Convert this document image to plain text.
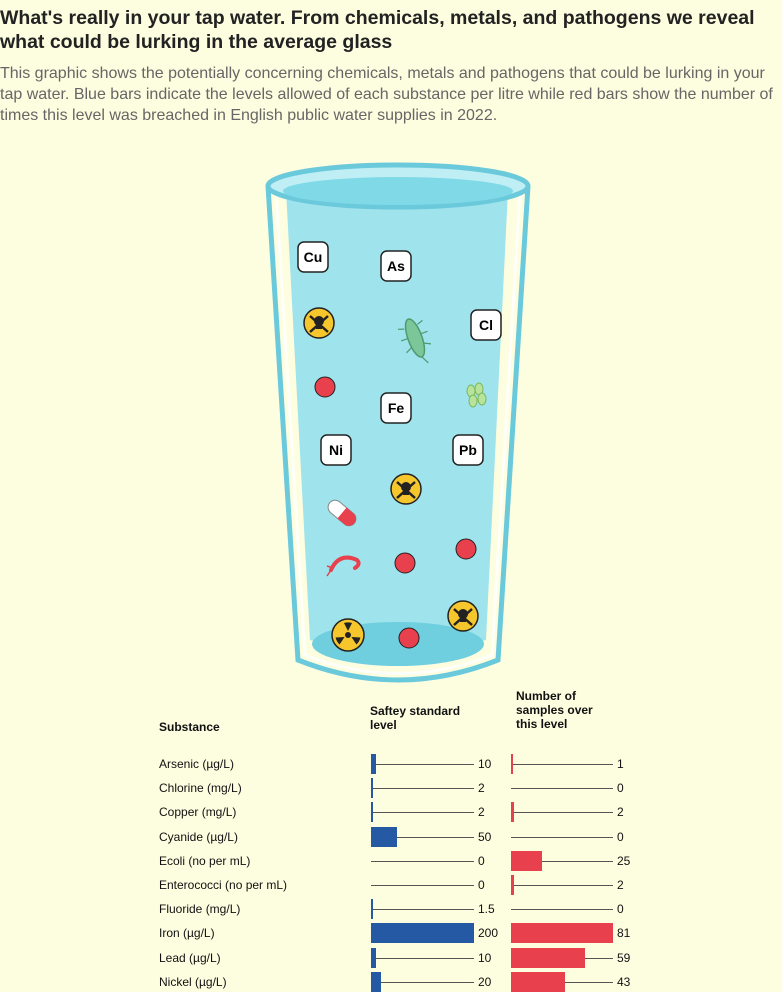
What's really in your tap water. From chemicals, metals, and pathogens we reveal what could be lurking in the average glass

This graphic shows the potentially concerning chemicals, metals and pathogens that could be lurking in your tap water. Blue bars indicate the levels allowed of each substance per litre while red bars show the number of times this level was breached in English public water supplies in 2022.

Cu
As
Cl
Fe
Ni	Pb
Substance
Saftey standard level
Number of samples over this level
Arsenic (µg/L)	10	1
Chlorine (mg/L)	2	0
Copper (mg/L)	2	2
Cyanide (µg/L)	50	0
Ecoli (no per mL)	0	25
Enterococci (no per mL)	0	2
Fluoride (mg/L)	1.5	0
Iron (µg/L)	200	81
Lead (µg/L)	10	59
Nickel (µg/L)	20	43
